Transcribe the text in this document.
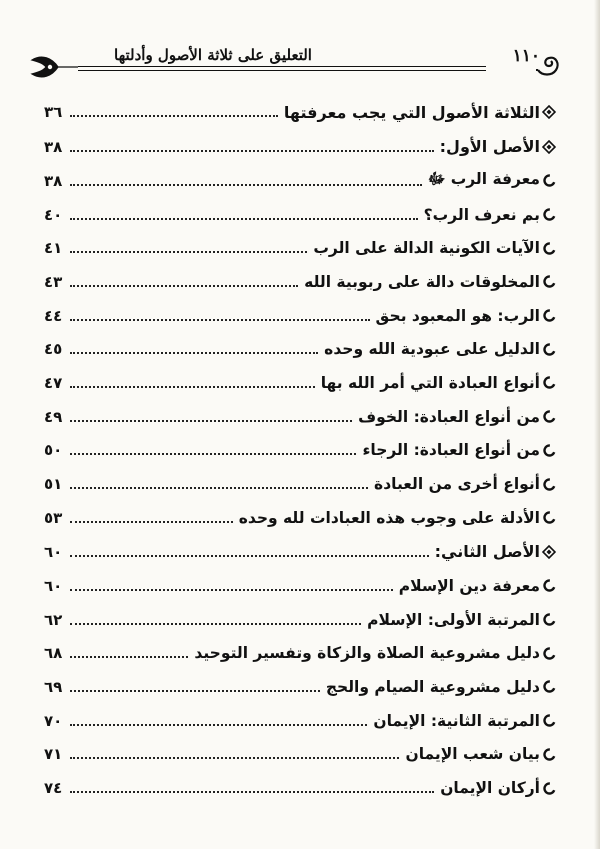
١١٠
التعليق على ثلاثة الأصول وأدلتها
الثلاثة الأصول التي يجب معرفتها
٣٦
الأصل الأول:
٣٨
معرفة الرب ﷻ
٣٨
بم نعرف الرب؟
٤٠
الآيات الكونية الدالة على الرب
٤١
المخلوقات دالة على ربوبية الله
٤٣
الرب: هو المعبود بحق
٤٤
الدليل على عبودية الله وحده
٤٥
أنواع العبادة التي أمر الله بها
٤٧
من أنواع العبادة: الخوف
٤٩
من أنواع العبادة: الرجاء
٥٠
أنواع أخرى من العبادة
٥١
الأدلة على وجوب هذه العبادات لله وحده
٥٣
الأصل الثاني:
٦٠
معرفة دين الإسلام
٦٠
المرتبة الأولى: الإسلام
٦٢
دليل مشروعية الصلاة والزكاة وتفسير التوحيد
٦٨
دليل مشروعية الصيام والحج
٦٩
المرتبة الثانية: الإيمان
٧٠
بيان شعب الإيمان
٧١
أركان الإيمان
٧٤
